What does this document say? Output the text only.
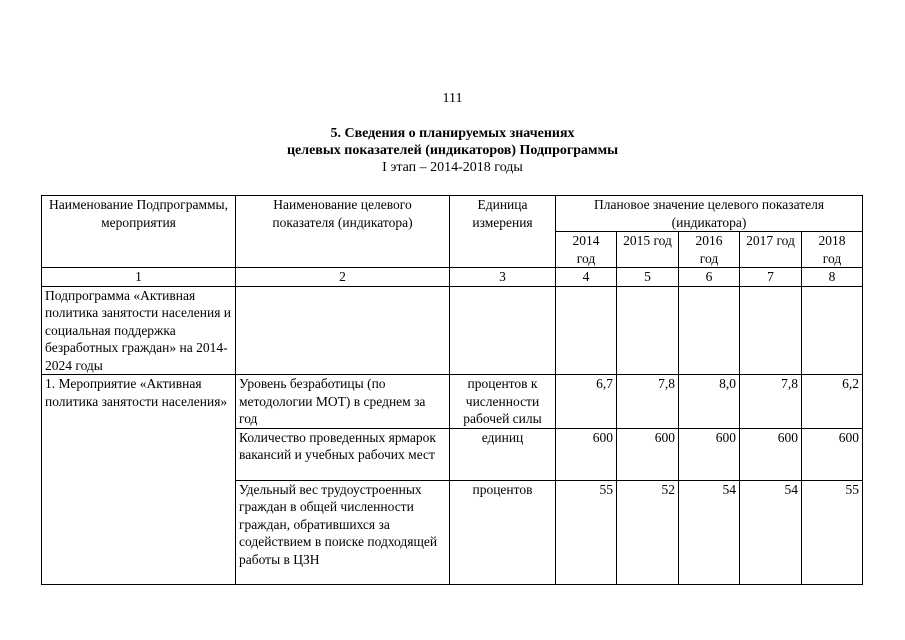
111
5. Сведения о планируемых значениях
целевых показателей (индикаторов) Подпрограммы
I этап – 2014-2018 годы
Наименование Подпрограммы, мероприятия	Наименование целевого показателя (индикатора)	Единица измерения	Плановое значение целевого показателя (индикатора)				
			2014 год	2015 год	2016 год	2017 год	2018 год
1	2	3	4	5	6	7	8
Подпрограмма «Активная политика занятости населения и социальная поддержка безработных граждан» на 2014-2024 годы							
1. Мероприятие «Активная политика занятости населения»	Уровень безработицы (по методологии МОТ) в среднем за год	процентов к численности рабочей силы	6,7	7,8	8,0	7,8	6,2
	Количество проведенных ярмарок вакансий и учебных рабочих мест	единиц	600	600	600	600	600
	Удельный вес трудоустроенных граждан в общей численности граждан, обратившихся за содействием в поиске подходящей работы в ЦЗН	процентов	55	52	54	54	55
